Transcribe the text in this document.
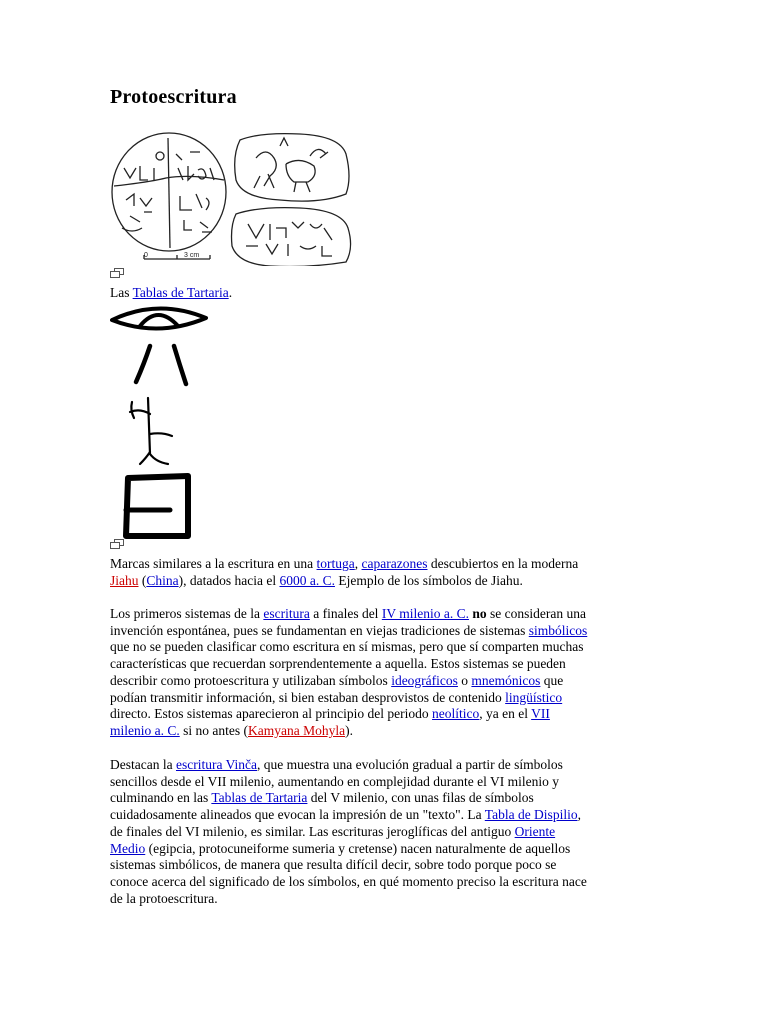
Protoescritura
0	3 cm
Las Tablas de Tartaria.

Marcas similares a la escritura en una tortuga, caparazones descubiertos en la moderna
Jiahu (China), datados hacia el 6000 a. C. Ejemplo de los símbolos de Jiahu.

Los primeros sistemas de la escritura a finales del IV milenio a. C. no se consideran una
invención espontánea, pues se fundamentan en viejas tradiciones de sistemas simbólicos
que no se pueden clasificar como escritura en sí mismas, pero que sí comparten muchas
características que recuerdan sorprendentemente a aquella. Estos sistemas se pueden
describir como protoescritura y utilizaban símbolos ideográficos o mnemónicos que
podían transmitir información, si bien estaban desprovistos de contenido lingüístico
directo. Estos sistemas aparecieron al principio del periodo neolítico, ya en el VII
milenio a. C. si no antes (Kamyana Mohyla).

Destacan la escritura Vinča, que muestra una evolución gradual a partir de símbolos
sencillos desde el VII milenio, aumentando en complejidad durante el VI milenio y
culminando en las Tablas de Tartaria del V milenio, con unas filas de símbolos
cuidadosamente alineados que evocan la impresión de un "texto". La Tabla de Dispilio,
de finales del VI milenio, es similar. Las escrituras jeroglíficas del antiguo Oriente
Medio (egipcia, protocuneiforme sumeria y cretense) nacen naturalmente de aquellos
sistemas simbólicos, de manera que resulta difícil decir, sobre todo porque poco se
conoce acerca del significado de los símbolos, en qué momento preciso la escritura nace
de la protoescritura.
